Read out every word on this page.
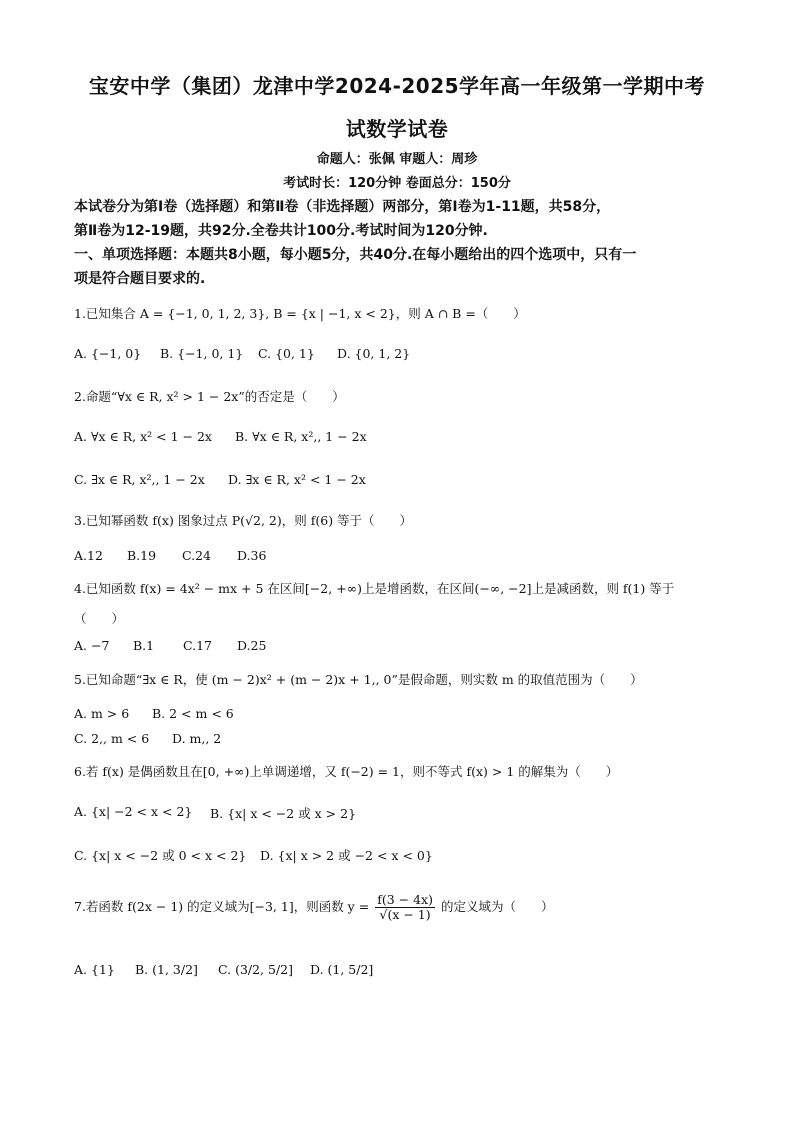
宝安中学（集团）龙津中学2024-2025学年高一年级第一学期中考
试数学试卷
命题人：张佩 审题人：周珍
考试时长：120分钟 卷面总分：150分
本试卷分为第Ⅰ卷（选择题）和第Ⅱ卷（非选择题）两部分，第Ⅰ卷为1-11题，共58分，
第Ⅱ卷为12-19题，共92分.全卷共计100分.考试时间为120分钟.
一、单项选择题：本题共8小题，每小题5分，共40分.在每小题给出的四个选项中，只有一
项是符合题目要求的.
1.已知集合 A = {−1, 0, 1, 2, 3}, B = {x | −1, x < 2}，则 A ∩ B =（　　）
A. {−1, 0} B. {−1, 0, 1} C. {0, 1} D. {0, 1, 2}
2.命题“∀x ∈ R, x² > 1 − 2x”的否定是（　　）
A. ∀x ∈ R, x² < 1 − 2x B. ∀x ∈ R, x²,, 1 − 2x
C. ∃x ∈ R, x²,, 1 − 2x D. ∃x ∈ R, x² < 1 − 2x
3.已知幂函数 f(x) 图象过点 P(√2, 2)，则 f(6) 等于（　　）
A.12 B.19 C.24 D.36
4.已知函数 f(x) = 4x² − mx + 5 在区间[−2, +∞)上是增函数，在区间(−∞, −2]上是减函数，则 f(1) 等于
（　　）
A. −7 B.1 C.17 D.25
5.已知命题“∃x ∈ R，使 (m − 2)x² + (m − 2)x + 1,, 0”是假命题，则实数 m 的取值范围为（　　）
A. m > 6 B. 2 < m < 6
C. 2,, m < 6 D. m,, 2
6.若 f(x) 是偶函数且在[0, +∞)上单调递增，又 f(−2) = 1，则不等式 f(x) > 1 的解集为（　　）
A. {x| −2 < x < 2} B. {x| x < −2 或 x > 2}
C. {x| x < −2 或 0 < x < 2} D. {x| x > 2 或 −2 < x < 0}
7.若函数 f(2x − 1) 的定义域为[−3, 1]，则函数 $y = \frac{f(3 - 4x)}{√(x - 1)}$ 的定义域为（　　）
A. {1} B. (1, 3/2] C. (3/2, 5/2] D. (1, 5/2]
